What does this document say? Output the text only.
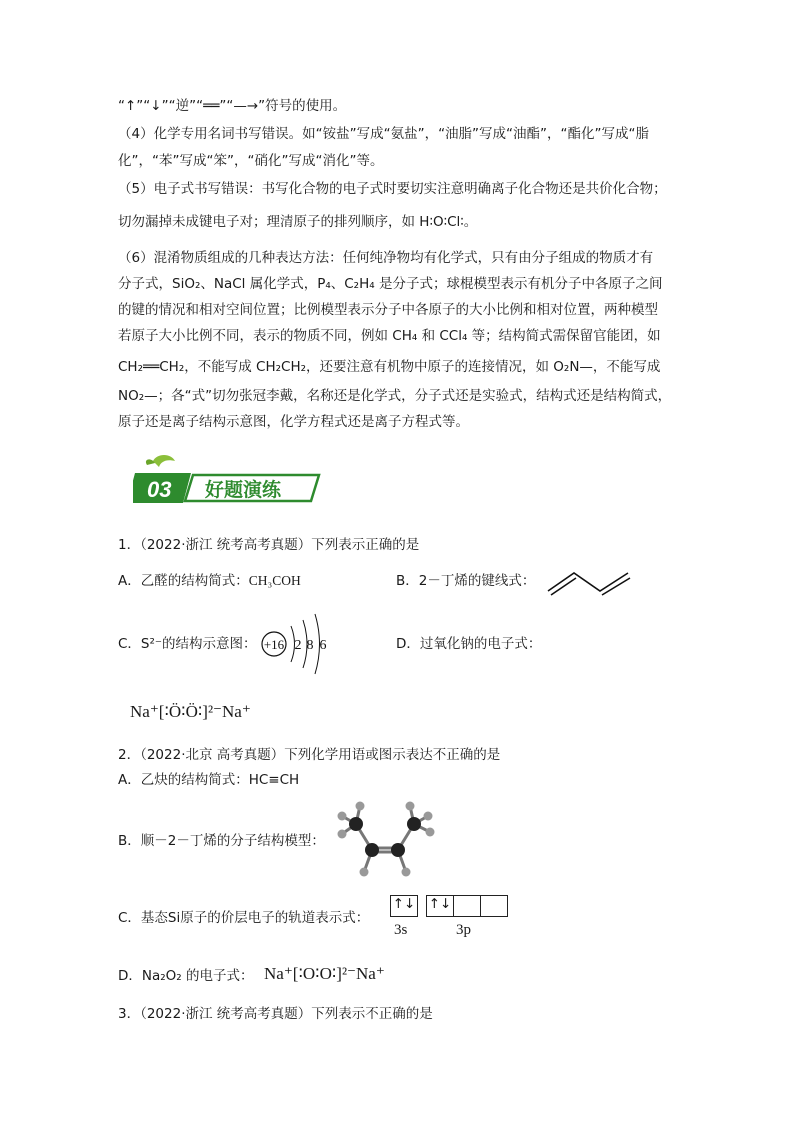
“↑”“↓”“逆”“══”“—→”符号的使用。
（4）化学专用名词书写错误。如“铵盐”写成“氨盐”，“油脂”写成“油酯”，“酯化”写成“脂
化”，“苯”写成“笨”，“硝化”写成“消化”等。
（5）电子式书写错误：书写化合物的电子式时要切实注意明确离子化合物还是共价化合物；
切勿漏掉未成键电子对；理清原子的排列顺序，如 H∶O∶Cl∶。
（6）混淆物质组成的几种表达方法：任何纯净物均有化学式，只有由分子组成的物质才有
分子式，SiO₂、NaCl 属化学式，P₄、C₂H₄ 是分子式；球棍模型表示有机分子中各原子之间
的键的情况和相对空间位置；比例模型表示分子中各原子的大小比例和相对位置，两种模型
若原子大小比例不同，表示的物质不同，例如 CH₄ 和 CCl₄ 等；结构简式需保留官能团，如
CH₂══CH₂，不能写成 CH₂CH₂，还要注意有机物中原子的连接情况，如 O₂N—，不能写成
NO₂—；各“式”切勿张冠李戴，名称还是化学式，分子式还是实验式，结构式还是结构简式，
原子还是离子结构示意图，化学方程式还是离子方程式等。
03 好题演练
1．（2022·浙江 统考高考真题）下列表示正确的是
A．乙醛的结构简式：CH₃COH	B．2－丁烯的键线式：
C．S²⁻的结构示意图： +16 2 8 6	D．过氧化钠的电子式：
Na⁺[∶Ö∶Ö∶]²⁻Na⁺
2．（2022·北京 高考真题）下列化学用语或图示表达不正确的是
A．乙炔的结构简式：HC≡CH
B．顺－2－丁烯的分子结构模型：
C．基态Si原子的价层电子的轨道表示式：
↑↓ ↑↓
3s	3p
D．Na₂O₂ 的电子式： Na⁺[∶O∶O∶]²⁻Na⁺
3．（2022·浙江 统考高考真题）下列表示不正确的是
